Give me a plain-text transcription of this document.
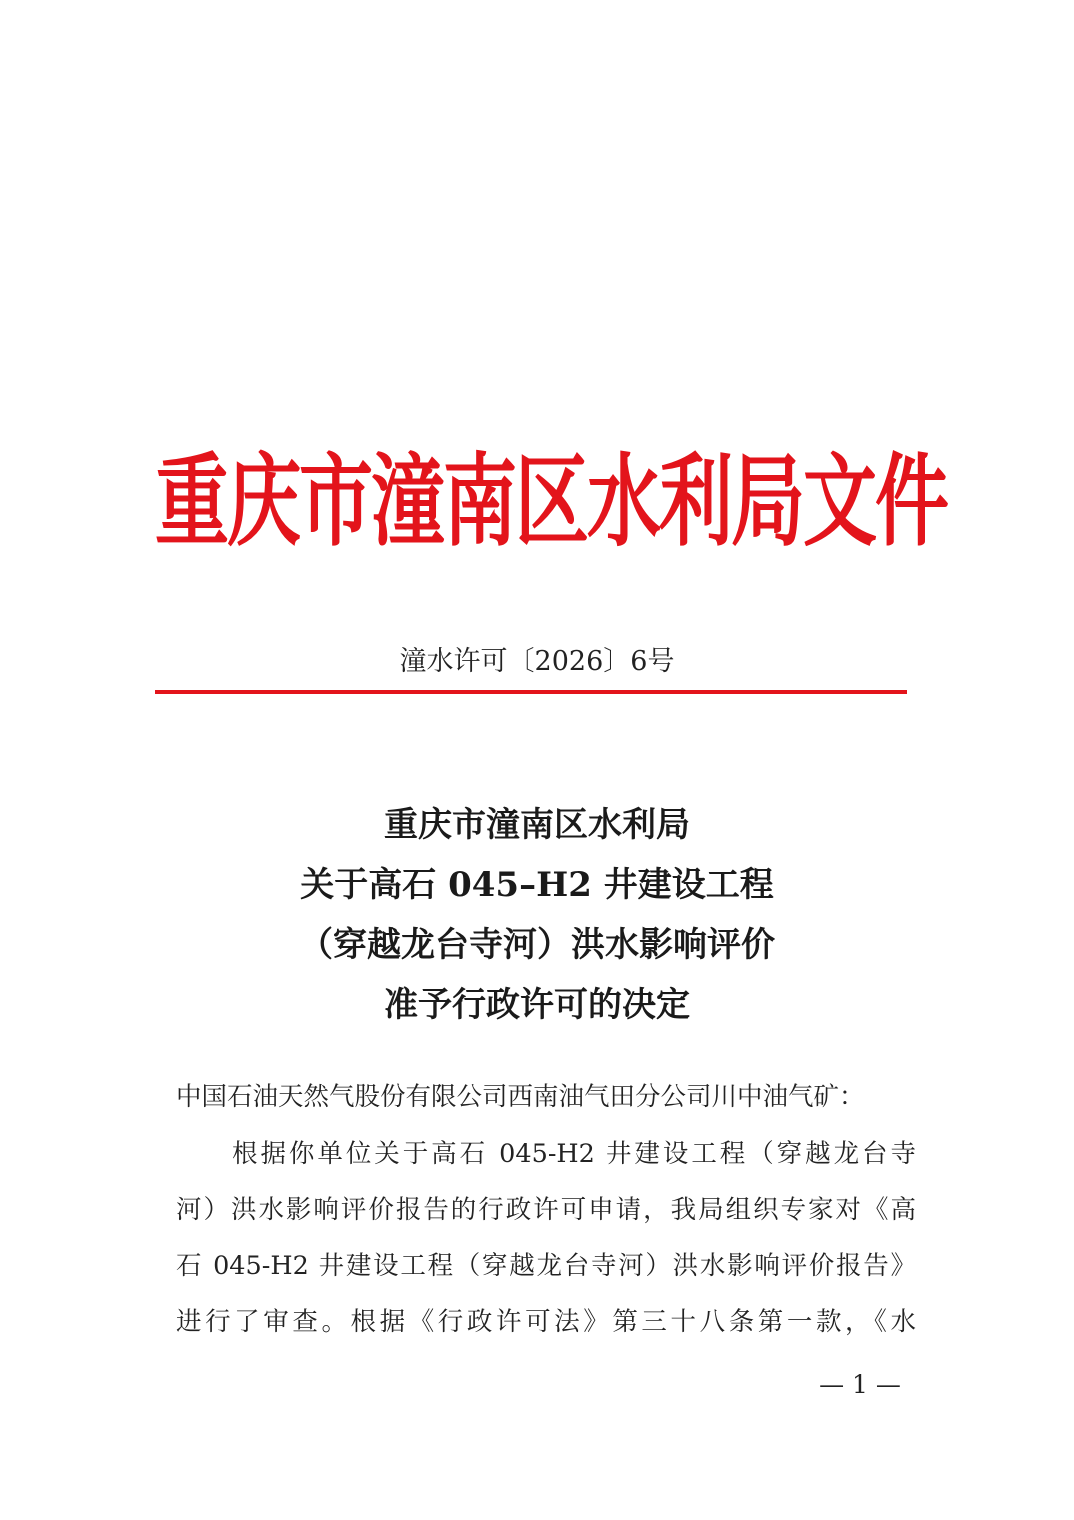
重庆市潼南区水利局文件
潼水许可〔2026〕6号
重庆市潼南区水利局
关于高石 045–H2 井建设工程
（穿越龙台寺河）洪水影响评价
准予行政许可的决定
中国石油天然气股份有限公司西南油气田分公司川中油气矿：
根据你单位关于高石 045-H2 井建设工程（穿越龙台寺
河）洪水影响评价报告的行政许可申请，我局组织专家对《高
石 045-H2 井建设工程（穿越龙台寺河）洪水影响评价报告》
进行了审查。根据《行政许可法》第三十八条第一款，《水
— 1 —
